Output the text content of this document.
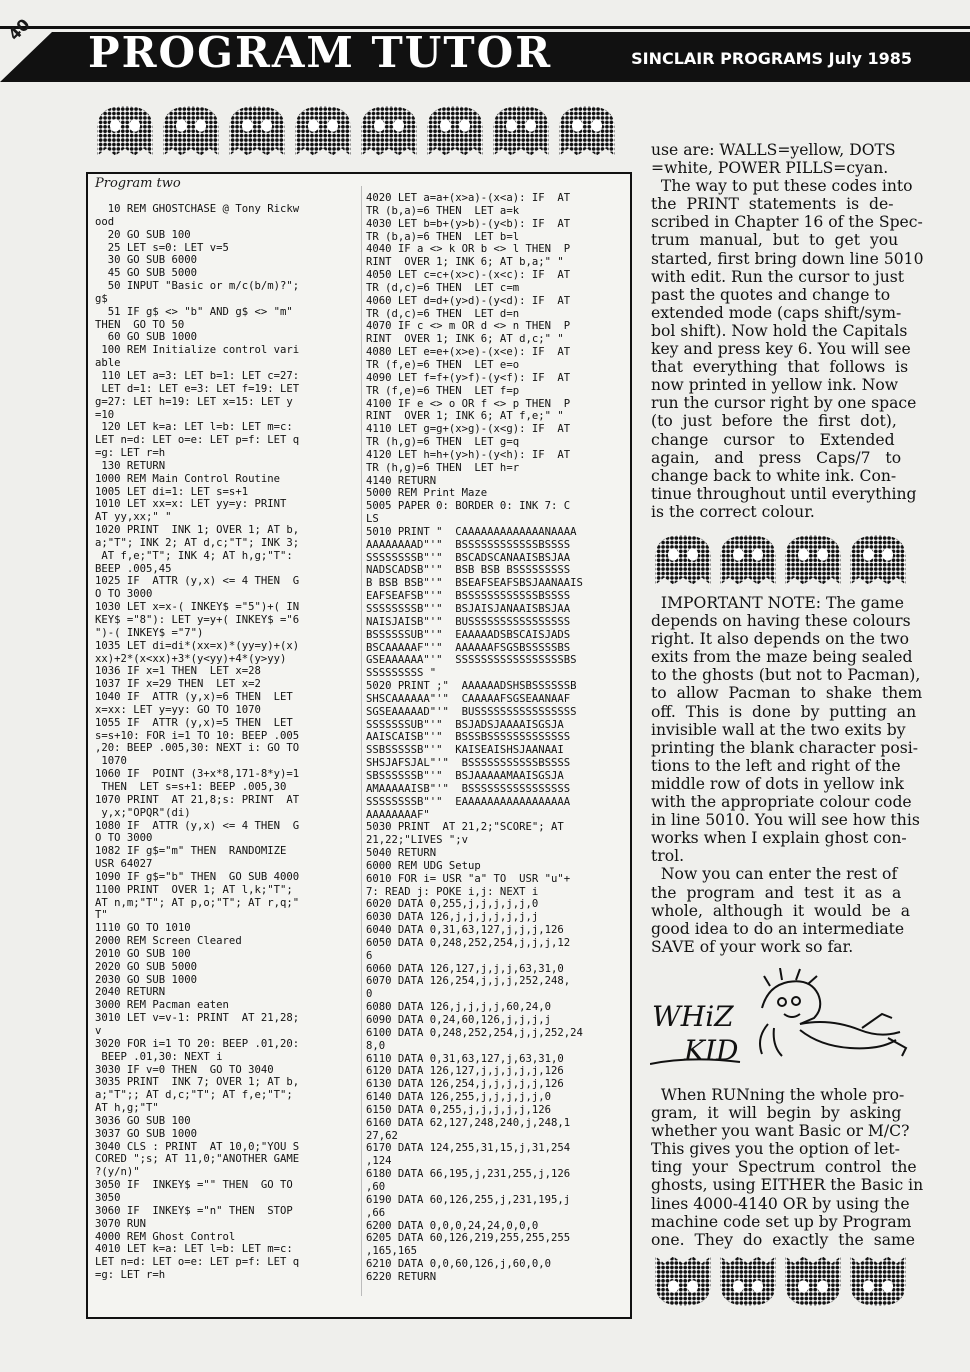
40 PROGRAM TUTOR	SINCLAIR PROGRAMS July 1985
Program two
10 REM GHOSTCHASE @ Tony Rickw
ood
20 GO SUB 100
25 LET s=0: LET v=5
30 GO SUB 6000
45 GO SUB 5000
50 INPUT "Basic or m/c(b/m)?";
g$
51 IF g$ <> "b" AND g$ <> "m"
THEN  GO TO 50
60 GO SUB 1000
100 REM Initialize control vari
able
110 LET a=3: LET b=1: LET c=27:
LET d=1: LET e=3: LET f=19: LET
g=27: LET h=19: LET x=15: LET y
=10
120 LET k=a: LET l=b: LET m=c:
LET n=d: LET o=e: LET p=f: LET q
=g: LET r=h
130 RETURN
1000 REM Main Control Routine
1005 LET di=1: LET s=s+1
1010 LET xx=x: LET yy=y: PRINT
AT yy,xx;" "
1020 PRINT  INK 1; OVER 1; AT b,
a;"T"; INK 2; AT d,c;"T"; INK 3;
AT f,e;"T"; INK 4; AT h,g;"T":
BEEP .005,45
1025 IF  ATTR (y,x) <= 4 THEN  G
O TO 3000
1030 LET x=x-( INKEY$ ="5")+( IN
KEY$ ="8"): LET y=y+( INKEY$ ="6
")-( INKEY$ ="7")
1035 LET di=di*(xx=x)*(yy=y)+(x)
xx)+2*(x<xx)+3*(y<yy)+4*(y>yy)
1036 IF x=1 THEN  LET x=28
1037 IF x=29 THEN  LET x=2
1040 IF  ATTR (y,x)=6 THEN  LET
x=xx: LET y=yy: GO TO 1070
1055 IF  ATTR (y,x)=5 THEN  LET
s=s+10: FOR i=1 TO 10: BEEP .005
,20: BEEP .005,30: NEXT i: GO TO
1070
1060 IF  POINT (3+x*8,171-8*y)=1
THEN  LET s=s+1: BEEP .005,30
1070 PRINT  AT 21,8;s: PRINT  AT
y,x;"OPQR"(di)
1080 IF  ATTR (y,x) <= 4 THEN  G
O TO 3000
1082 IF g$="m" THEN  RANDOMIZE
USR 64027
1090 IF g$="b" THEN  GO SUB 4000
1100 PRINT  OVER 1; AT l,k;"T";
AT n,m;"T"; AT p,o;"T"; AT r,q;"
T"
1110 GO TO 1010
2000 REM Screen Cleared
2010 GO SUB 100
2020 GO SUB 5000
2030 GO SUB 1000
2040 RETURN
3000 REM Pacman eaten
3010 LET v=v-1: PRINT  AT 21,28;
v
3020 FOR i=1 TO 20: BEEP .01,20:
BEEP .01,30: NEXT i
3030 IF v=0 THEN  GO TO 3040
3035 PRINT  INK 7; OVER 1; AT b,
a;"T";; AT d,c;"T"; AT f,e;"T";
AT h,g;"T"
3036 GO SUB 100
3037 GO SUB 1000
3040 CLS : PRINT  AT 10,0;"YOU S
CORED ";s; AT 11,0;"ANOTHER GAME
?(y/n)"
3050 IF  INKEY$ ="" THEN  GO TO
3050
3060 IF  INKEY$ ="n" THEN  STOP
3070 RUN
4000 REM Ghost Control
4010 LET k=a: LET l=b: LET m=c:
LET n=d: LET o=e: LET p=f: LET q
=g: LET r=h
4020 LET a=a+(x>a)-(x<a): IF  AT
TR (b,a)=6 THEN  LET a=k
4030 LET b=b+(y>b)-(y<b): IF  AT
TR (b,a)=6 THEN  LET b=l
4040 IF a <> k OR b <> l THEN  P
RINT  OVER 1; INK 6; AT b,a;" "
4050 LET c=c+(x>c)-(x<c): IF  AT
TR (d,c)=6 THEN  LET c=m
4060 LET d=d+(y>d)-(y<d): IF  AT
TR (d,c)=6 THEN  LET d=n
4070 IF c <> m OR d <> n THEN  P
RINT  OVER 1; INK 6; AT d,c;" "
4080 LET e=e+(x>e)-(x<e): IF  AT
TR (f,e)=6 THEN  LET e=o
4090 LET f=f+(y>f)-(y<f): IF  AT
TR (f,e)=6 THEN  LET f=p
4100 IF e <> o OR f <> p THEN  P
RINT  OVER 1; INK 6; AT f,e;" "
4110 LET g=g+(x>g)-(x<g): IF  AT
TR (h,g)=6 THEN  LET g=q
4120 LET h=h+(y>h)-(y<h): IF  AT
TR (h,g)=6 THEN  LET h=r
4140 RETURN
5000 REM Print Maze
5005 PAPER 0: BORDER 0: INK 7: C
LS
5010 PRINT "  CAAAAAAAAAAAAANAAAA
AAAAAAAAD"'"  BSSSSSSSSSSSSBSSSS
SSSSSSSSB"'"  BSCADSCANAAISBSJAA
NADSCADSB"'"  BSB BSB BSSSSSSSSS
B BSB BSB"'"  BSEAFSEAFSBSJAANAAIS
EAFSEAFSB"'"  BSSSSSSSSSSSSBSSSS
SSSSSSSSB"'"  BSJAISJANAAISBSJAA
NAISJAISB"'"  BUSSSSSSSSSSSSSSSS
BSSSSSSUB"'"  EAAAAADSBSCAISJADS
BSCAAAAAF"'"  AAAAAAFSGSBSSSSSBS
GSEAAAAAA"'"  SSSSSSSSSSSSSSSSSBS
SSSSSSSSS "
5020 PRINT ;"  AAAAAADSHSBSSSSSSB
SHSCAAAAAA"'"  CAAAAAFSGSEAANAAF
SGSEAAAAAD"'"  BUSSSSSSSSSSSSSSSS
SSSSSSSUB"'"  BSJADSJAAAAISGSJA
AAISCAISB"'"  BSSSBSSSSSSSSSSSSS
SSBSSSSSB"'"  KAISEAISHSJAANAAI
SHSJAFSJAL"'"  BSSSSSSSSSSSBSSSS
SBSSSSSSB"'"  BSJAAAAAMAAISGSJA
AMAAAAAISB"'"  BSSSSSSSSSSSSSSSS
SSSSSSSSB"'"  EAAAAAAAAAAAAAAAAA
AAAAAAAAF"
5030 PRINT  AT 21,2;"SCORE"; AT
21,22;"LIVES ";v
5040 RETURN
6000 REM UDG Setup
6010 FOR i= USR "a" TO  USR "u"+
7: READ j: POKE i,j: NEXT i
6020 DATA 0,255,j,j,j,j,j,0
6030 DATA 126,j,j,j,j,j,j,j
6040 DATA 0,31,63,127,j,j,j,126
6050 DATA 0,248,252,254,j,j,j,12
6
6060 DATA 126,127,j,j,j,63,31,0
6070 DATA 126,254,j,j,j,252,248,
0
6080 DATA 126,j,j,j,j,60,24,0
6090 DATA 0,24,60,126,j,j,j,j
6100 DATA 0,248,252,254,j,j,252,24
8,0
6110 DATA 0,31,63,127,j,63,31,0
6120 DATA 126,127,j,j,j,j,j,126
6130 DATA 126,254,j,j,j,j,j,126
6140 DATA 126,255,j,j,j,j,j,0
6150 DATA 0,255,j,j,j,j,j,126
6160 DATA 62,127,248,240,j,248,1
27,62
6170 DATA 124,255,31,15,j,31,254
,124
6180 DATA 66,195,j,231,255,j,126
,60
6190 DATA 60,126,255,j,231,195,j
,66
6200 DATA 0,0,0,24,24,0,0,0
6205 DATA 60,126,219,255,255,255
,165,165
6210 DATA 0,0,60,126,j,60,0,0
6220 RETURN
use are: WALLS=yellow, DOTS
=white, POWER PILLS=cyan.
The way to put these codes into
the  PRINT  statements  is  de-
scribed in Chapter 16 of the Spec-
trum  manual,  but  to  get  you
started, first bring down line 5010
with edit. Run the cursor to just
past the quotes and change to
extended mode (caps shift/sym-
bol shift). Now hold the Capitals
key and press key 6. You will see
that  everything  that  follows  is
now printed in yellow ink. Now
run the cursor right by one space
(to  just  before  the  first  dot),
change   cursor   to   Extended
again,   and   press   Caps/7   to
change back to white ink. Con-
tinue throughout until everything
is the correct colour.
IMPORTANT NOTE: The game
depends on having these colours
right. It also depends on the two
exits from the maze being sealed
to the ghosts (but not to Pacman),
to  allow  Pacman  to  shake  them
off.  This  is  done  by  putting  an
invisible wall at the two exits by
printing the blank character posi-
tions to the left and right of the
middle row of dots in yellow ink
with the appropriate colour code
in line 5010. You will see how this
works when I explain ghost con-
trol.
Now you can enter the rest of
the  program  and  test  it  as  a
whole,  although  it  would  be  a
good idea to do an intermediate
SAVE of your work so far.
When RUNning the whole pro-
gram,  it  will  begin  by  asking
whether you want Basic or M/C?
This gives you the option of let-
ting  your  Spectrum  control  the
ghosts, using EITHER the Basic in
lines 4000-4140 OR by using the
machine code set up by Program
one.  They  do  exactly  the  same
WHiZ
KID
